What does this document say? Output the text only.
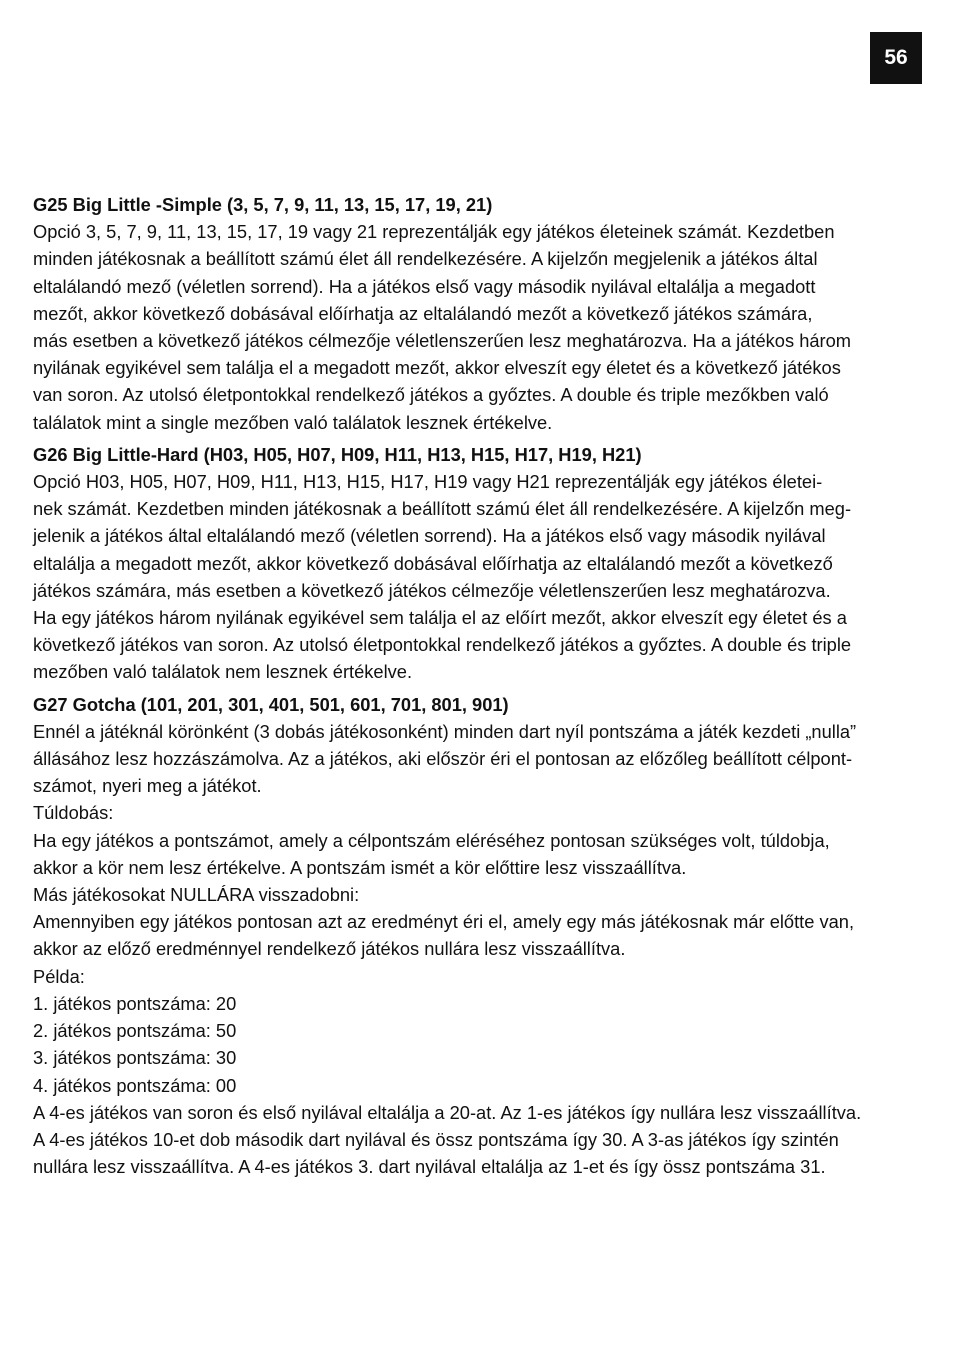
56

G25 Big Little -Simple (3, 5, 7, 9, 11, 13, 15, 17, 19, 21)

Opció 3, 5, 7, 9, 11, 13, 15, 17, 19 vagy 21 reprezentálják egy játékos életeinek számát. Kezdetben

minden játékosnak a beállított számú élet áll rendelkezésére. A kijelzőn megjelenik a játékos által

eltalálandó mező (véletlen sorrend). Ha a játékos első vagy második nyilával eltalálja a megadott

mezőt, akkor következő dobásával előírhatja az eltalálandó mezőt a következő játékos számára,

más esetben a következő játékos célmezője véletlenszerűen lesz meghatározva. Ha a játékos három

nyilának egyikével sem találja el a megadott mezőt, akkor elveszít egy életet és a következő játékos

van soron. Az utolsó életpontokkal rendelkező játékos a győztes. A double és triple mezőkben való

találatok mint a single mezőben való találatok lesznek értékelve.

G26 Big Little-Hard (H03, H05, H07, H09, H11, H13, H15, H17, H19, H21)

Opció H03, H05, H07, H09, H11, H13, H15, H17, H19 vagy H21 reprezentálják egy játékos életei-

nek számát. Kezdetben minden játékosnak a beállított számú élet áll rendelkezésére. A kijelzőn meg-

jelenik a játékos által eltalálandó mező (véletlen sorrend). Ha a játékos első vagy második nyilával

eltalálja a megadott mezőt, akkor következő dobásával előírhatja az eltalálandó mezőt a következő

játékos számára, más esetben a következő játékos célmezője véletlenszerűen lesz meghatározva.

Ha egy játékos három nyilának egyikével sem találja el az előírt mezőt, akkor elveszít egy életet és a

következő játékos van soron. Az utolsó életpontokkal rendelkező játékos a győztes. A double és triple

mezőben való találatok nem lesznek értékelve.

G27 Gotcha (101, 201, 301, 401, 501, 601, 701, 801, 901)

Ennél a játéknál körönként (3 dobás játékosonként) minden dart nyíl pontszáma a játék kezdeti „nulla”

állásához lesz hozzászámolva. Az a játékos, aki először éri el pontosan az előzőleg beállított célpont-

számot, nyeri meg a játékot.

Túldobás:

Ha egy játékos a pontszámot, amely a célpontszám eléréséhez pontosan szükséges volt, túldobja,

akkor a kör nem lesz értékelve. A pontszám ismét a kör előttire lesz visszaállítva.

Más játékosokat NULLÁRA visszadobni:

Amennyiben egy játékos pontosan azt az eredményt éri el, amely egy más játékosnak már előtte van,

akkor az előző eredménnyel rendelkező játékos nullára lesz visszaállítva.

Példa:

1. játékos pontszáma: 20

2. játékos pontszáma: 50

3. játékos pontszáma: 30

4. játékos pontszáma: 00

A 4-es játékos van soron és első nyilával eltalálja a 20-at. Az 1-es játékos így nullára lesz visszaállítva.

A 4-es játékos 10-et dob második dart nyilával és össz pontszáma így 30. A 3-as játékos így szintén

nullára lesz visszaállítva. A 4-es játékos 3. dart nyilával eltalálja az 1-et és így össz pontszáma 31.
